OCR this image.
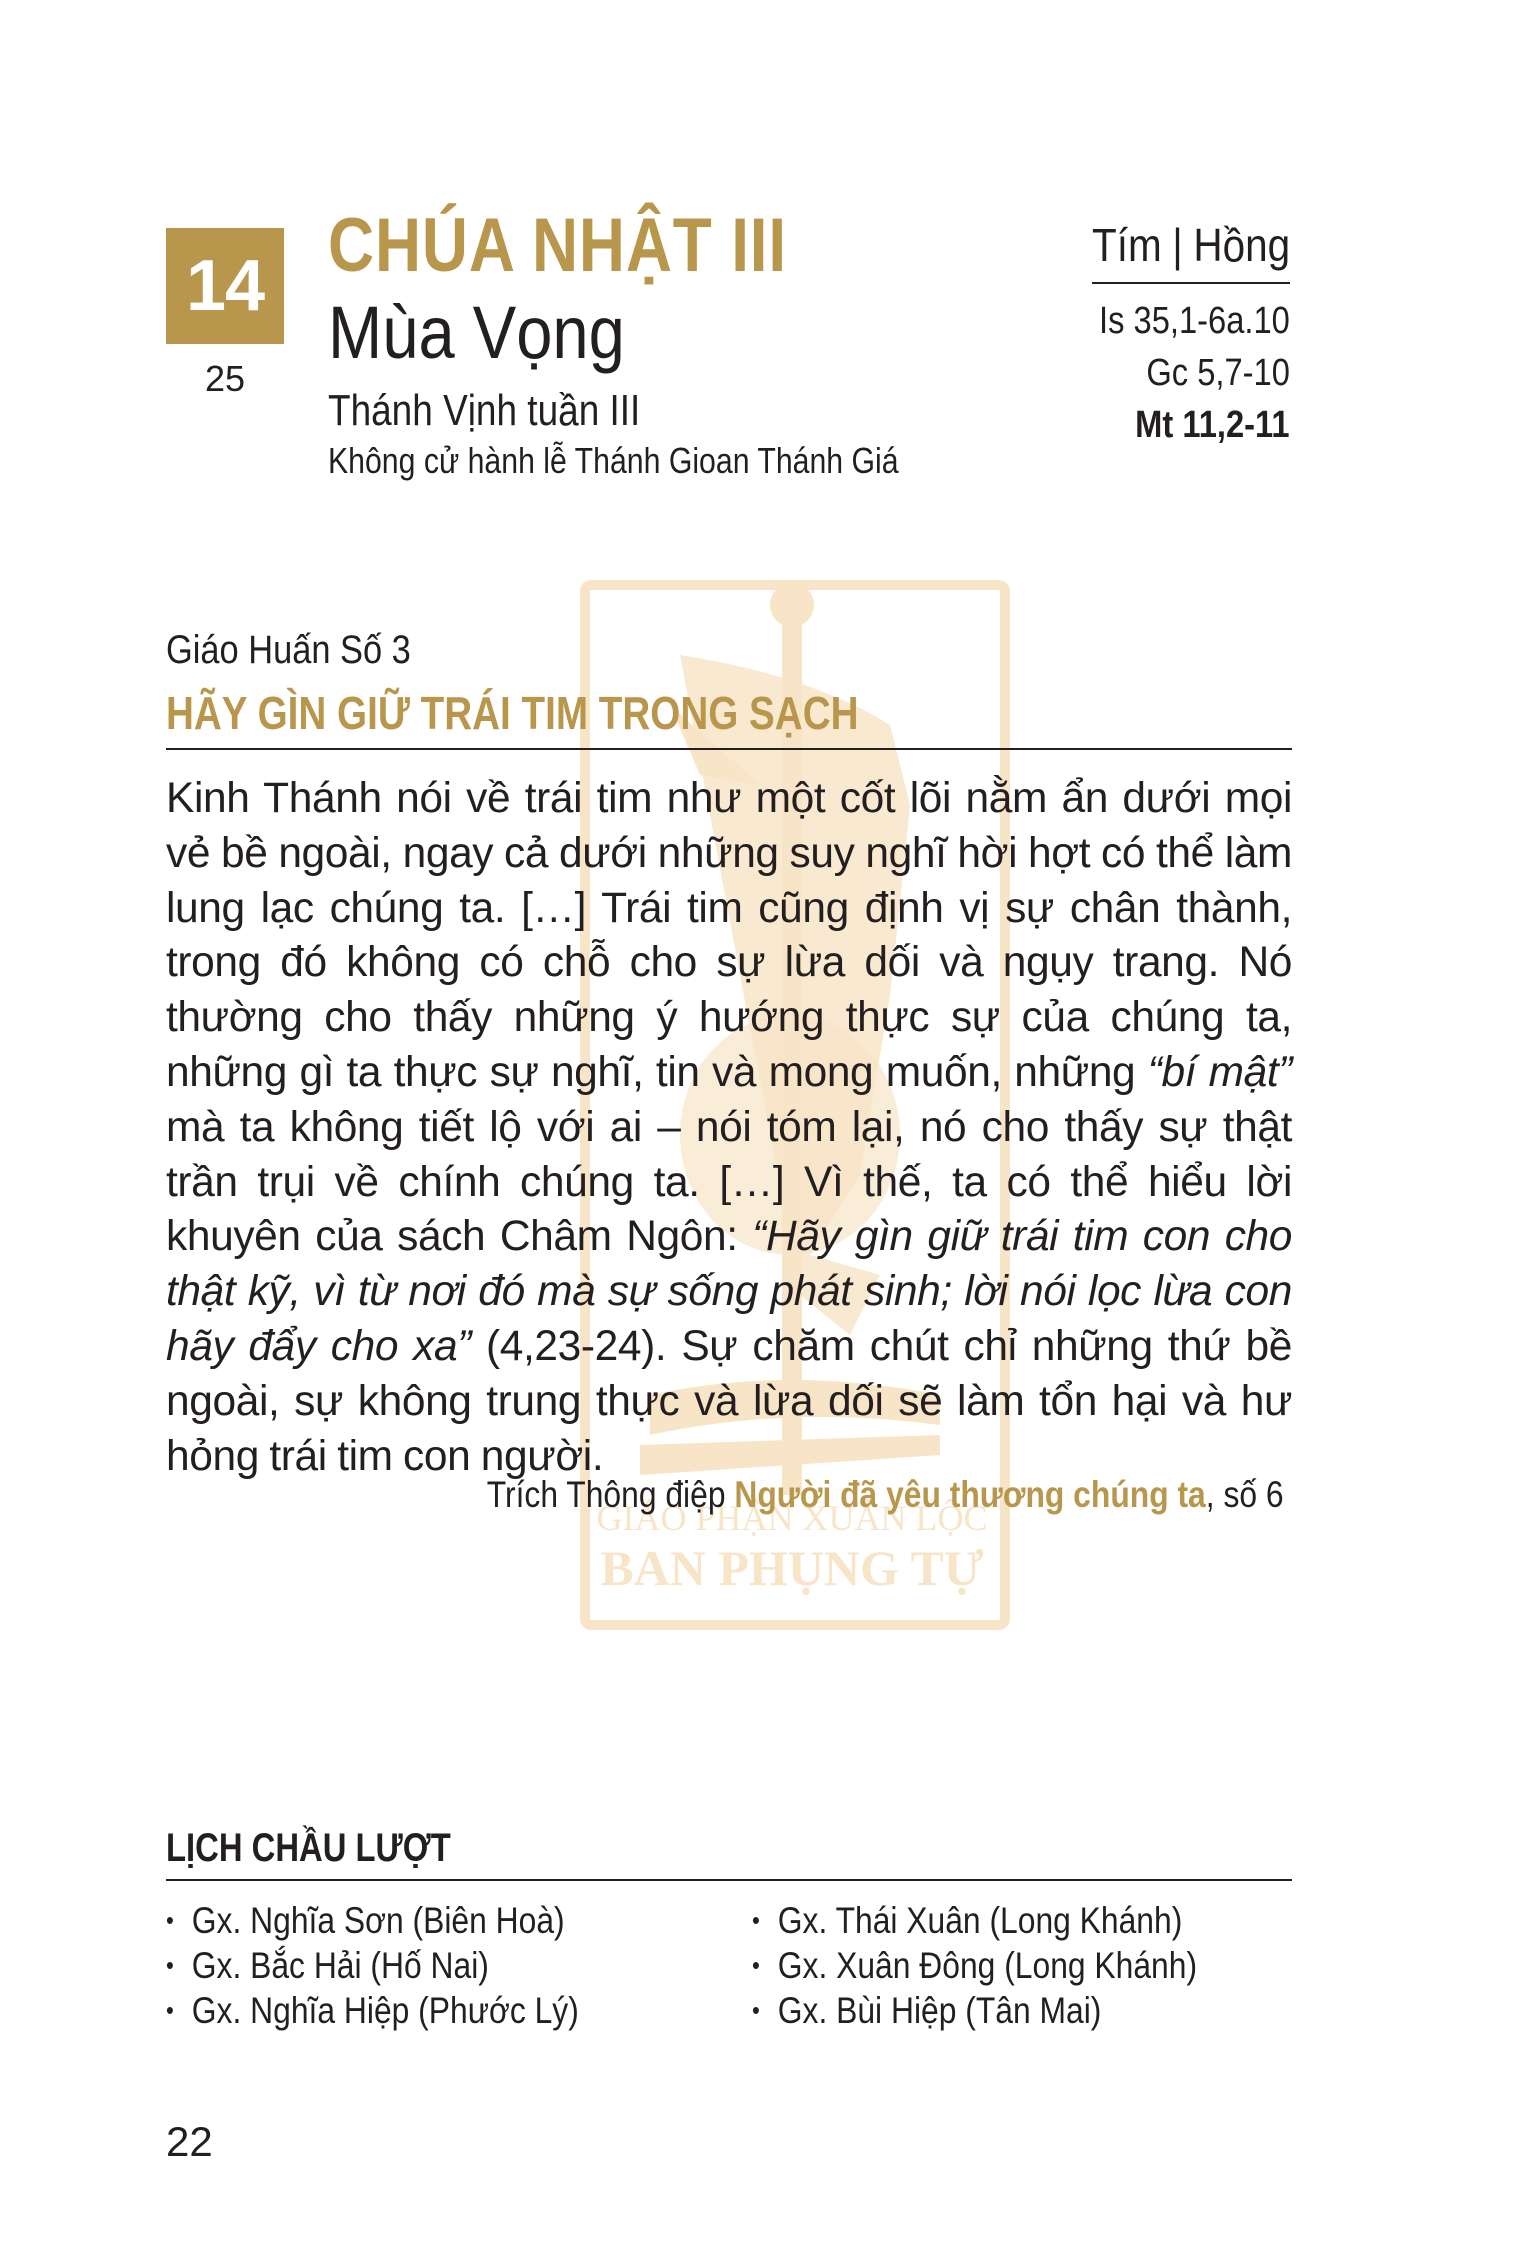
14
25
CHÚA NHẬT III
Mùa Vọng
Thánh Vịnh tuần III
Không cử hành lễ Thánh Gioan Thánh Giá
Tím | Hồng
Is 35,1-6a.10
Gc 5,7-10
Mt 11,2-11
GIÁO PHẬN XUÂN LỘC
BAN PHỤNG TỰ
Giáo Huấn Số 3
HÃY GÌN GIỮ TRÁI TIM TRONG SẠCH

Kinh Thánh nói về trái tim như một cốt lõi nằm ẩn dưới mọi vẻ bề ngoài, ngay cả dưới những suy nghĩ hời hợt có thể làm lung lạc chúng ta. […] Trái tim cũng định vị sự chân thành, trong đó không có chỗ cho sự lừa dối và ngụy trang. Nó thường cho thấy những ý hướng thực sự của chúng ta, những gì ta thực sự nghĩ, tin và mong muốn, những “bí mật” mà ta không tiết lộ với ai – nói tóm lại, nó cho thấy sự thật trần trụi về chính chúng ta. […] Vì thế, ta có thể hiểu lời khuyên của sách Châm Ngôn: “Hãy gìn giữ trái tim con cho thật kỹ, vì từ nơi đó mà sự sống phát sinh; lời nói lọc lừa con hãy đẩy cho xa” (4,23-24). Sự chăm chút chỉ những thứ bề ngoài, sự không trung thực và lừa dối sẽ làm tổn hại và hư hỏng trái tim con người.

Trích Thông điệp Người đã yêu thương chúng ta, số 6
LỊCH CHẦU LƯỢT
• Gx. Nghĩa Sơn (Biên Hoà)
• Gx. Bắc Hải (Hố Nai)
• Gx. Nghĩa Hiệp (Phước Lý)
• Gx. Thái Xuân (Long Khánh)
• Gx. Xuân Đông (Long Khánh)
• Gx. Bùi Hiệp (Tân Mai)
22
